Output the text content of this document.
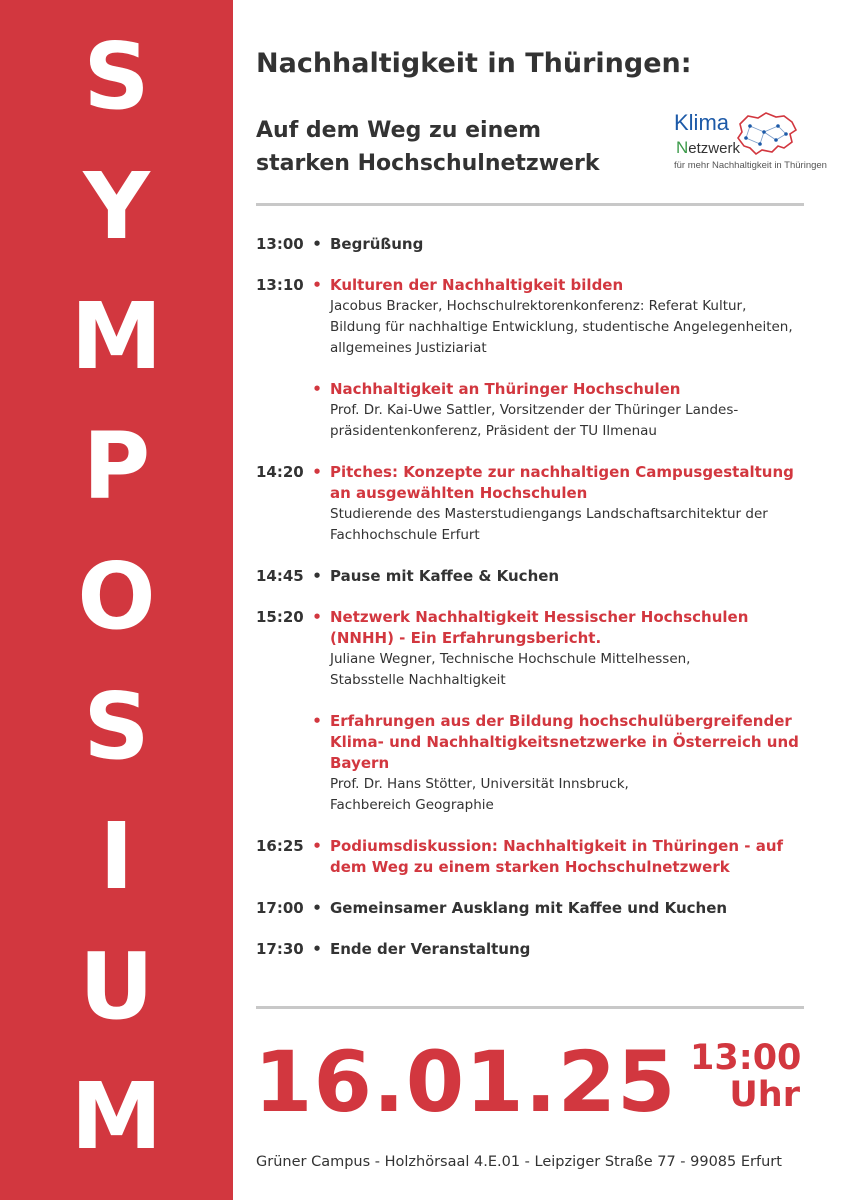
S
Y
M
P
O
S
I
U
M
Nachhaltigkeit in Thüringen:
Auf dem Weg zu einem
starken Hochschulnetzwerk
Klima
Netzwerk
für mehr Nachhaltigkeit in Thüringen
13:00 • Begrüßung
13:10 • Kulturen der Nachhaltigkeit bilden
Jacobus Bracker, Hochschulrektorenkonferenz: Referat Kultur,
Bildung für nachhaltige Entwicklung, studentische Angelegenheiten,
allgemeines Justiziariat
• Nachhaltigkeit an Thüringer Hochschulen
Prof. Dr. Kai-Uwe Sattler, Vorsitzender der Thüringer Landes-
präsidentenkonferenz, Präsident der TU Ilmenau
14:20 • Pitches: Konzepte zur nachhaltigen Campusgestaltung an ausgewählten Hochschulen
Studierende des Masterstudiengangs Landschaftsarchitektur der
Fachhochschule Erfurt
14:45 • Pause mit Kaffee & Kuchen
15:20 • Netzwerk Nachhaltigkeit Hessischer Hochschulen (NNHH) - Ein Erfahrungsbericht.
Juliane Wegner, Technische Hochschule Mittelhessen,
Stabsstelle Nachhaltigkeit
• Erfahrungen aus der Bildung hochschulübergreifender Klima- und Nachhaltigkeitsnetzwerke in Österreich und Bayern
Prof. Dr. Hans Stötter, Universität Innsbruck,
Fachbereich Geographie
16:25 • Podiumsdiskussion: Nachhaltigkeit in Thüringen - auf dem Weg zu einem starken Hochschulnetzwerk
17:00 • Gemeinsamer Ausklang mit Kaffee und Kuchen
17:30 • Ende der Veranstaltung
16.01.25 13:00
Uhr

Grüner Campus - Holzhörsaal 4.E.01 - Leipziger Straße 77 - 99085 Erfurt
